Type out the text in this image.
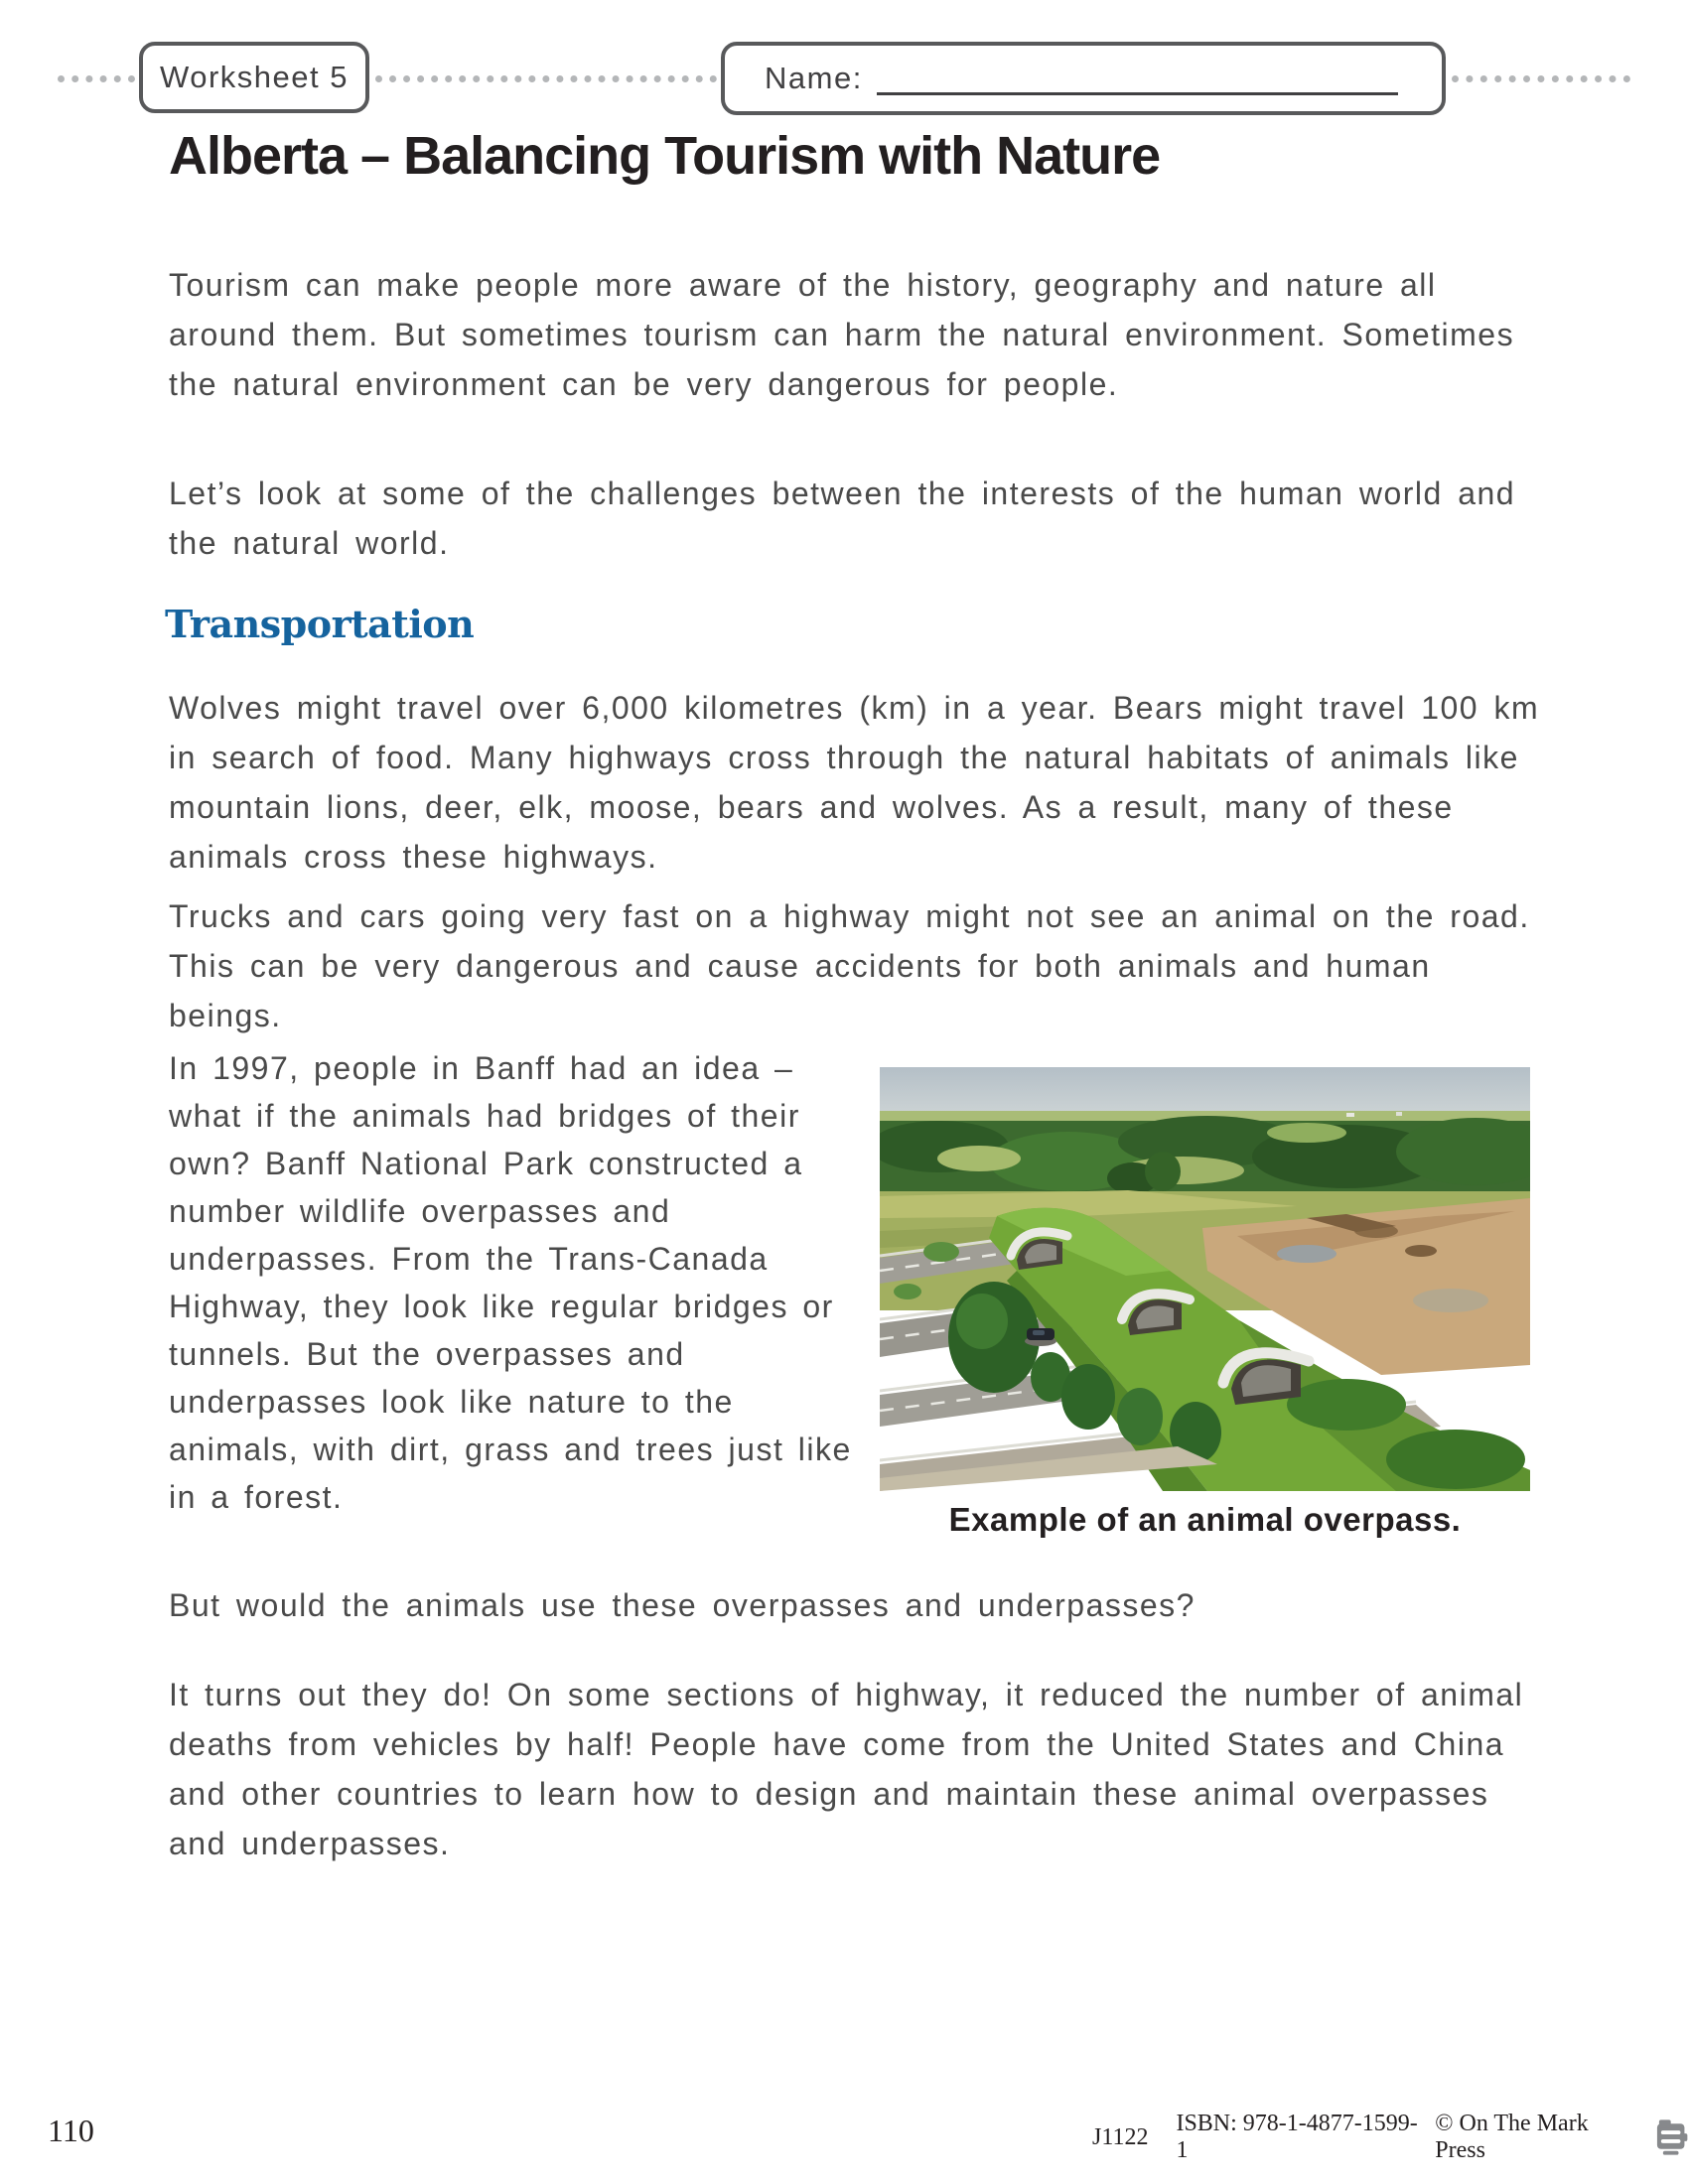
Worksheet 5	Name:
Alberta – Balancing Tourism with Nature

Tourism can make people more aware of the history, geography and nature all around them. But sometimes tourism can harm the natural environment. Sometimes the natural environment can be very dangerous for people.

Let’s look at some of the challenges between the interests of the human world and the natural world.

Transportation

Wolves might travel over 6,000 kilometres (km) in a year. Bears might travel 100 km in search of food. Many highways cross through the natural habitats of animals like mountain lions, deer, elk, moose, bears and wolves. As a result, many of these animals cross these highways.

Trucks and cars going very fast on a highway might not see an animal on the road. This can be very dangerous and cause accidents for both animals and human beings.

In 1997, people in Banff had an idea – what if the animals had bridges of their own? Banff National Park constructed a number wildlife overpasses and underpasses. From the Trans-Canada Highway, they look like regular bridges or tunnels. But the overpasses and underpasses look like nature to the animals, with dirt, grass and trees just like in a forest.

Example of an animal overpass.

But would the animals use these overpasses and underpasses?

It turns out they do! On some sections of highway, it reduced the number of animal deaths from vehicles by half! People have come from the United States and China and other countries to learn how to design and maintain these animal overpasses and underpasses.

110	J1122
ISBN: 978-1-4877-1599-1
© On The Mark Press
